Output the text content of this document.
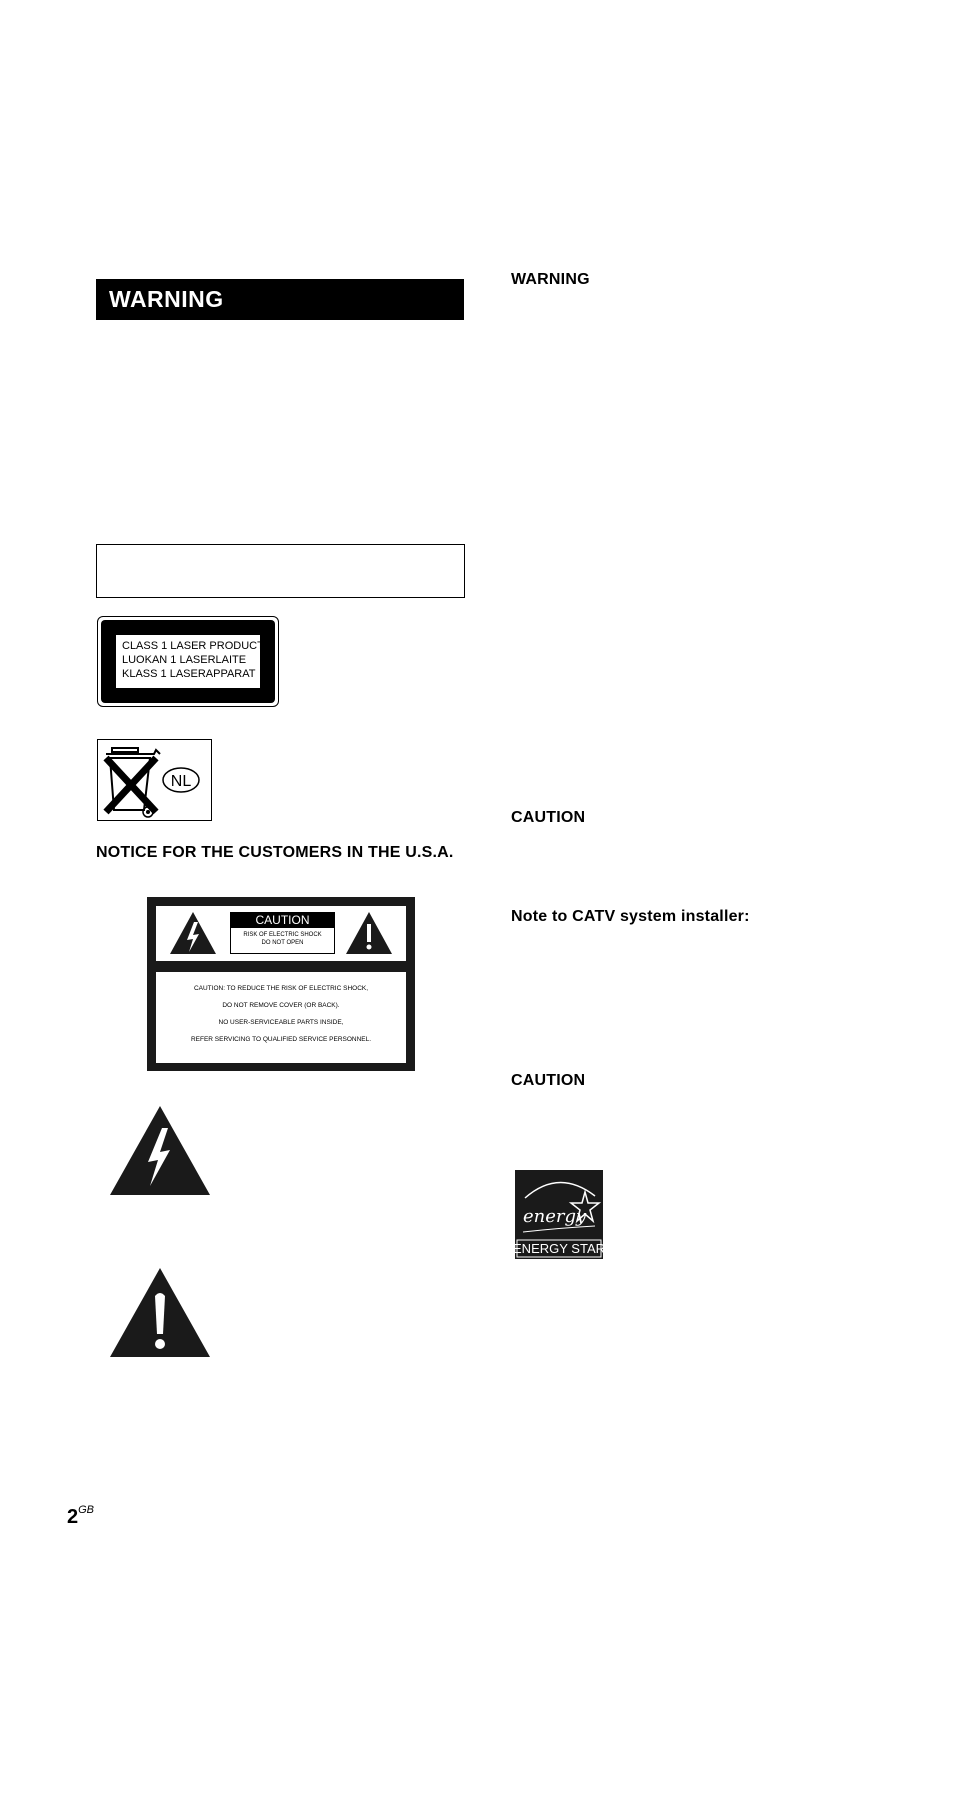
WARNING
CLASS 1 LASER PRODUCT
LUOKAN 1 LASERLAITE
KLASS 1 LASERAPPARAT
NL
NOTICE FOR THE CUSTOMERS IN THE U.S.A.
CAUTION
RISK OF ELECTRIC SHOCK
DO NOT OPEN
CAUTION: TO REDUCE THE RISK OF ELECTRIC SHOCK,
DO NOT REMOVE COVER (OR BACK).
NO USER-SERVICEABLE PARTS INSIDE,
REFER SERVICING TO QUALIFIED SERVICE PERSONNEL.
WARNING
CAUTION
Note to CATV system installer:
CAUTION
energy
ENERGY STAR
$2^{GB}$
